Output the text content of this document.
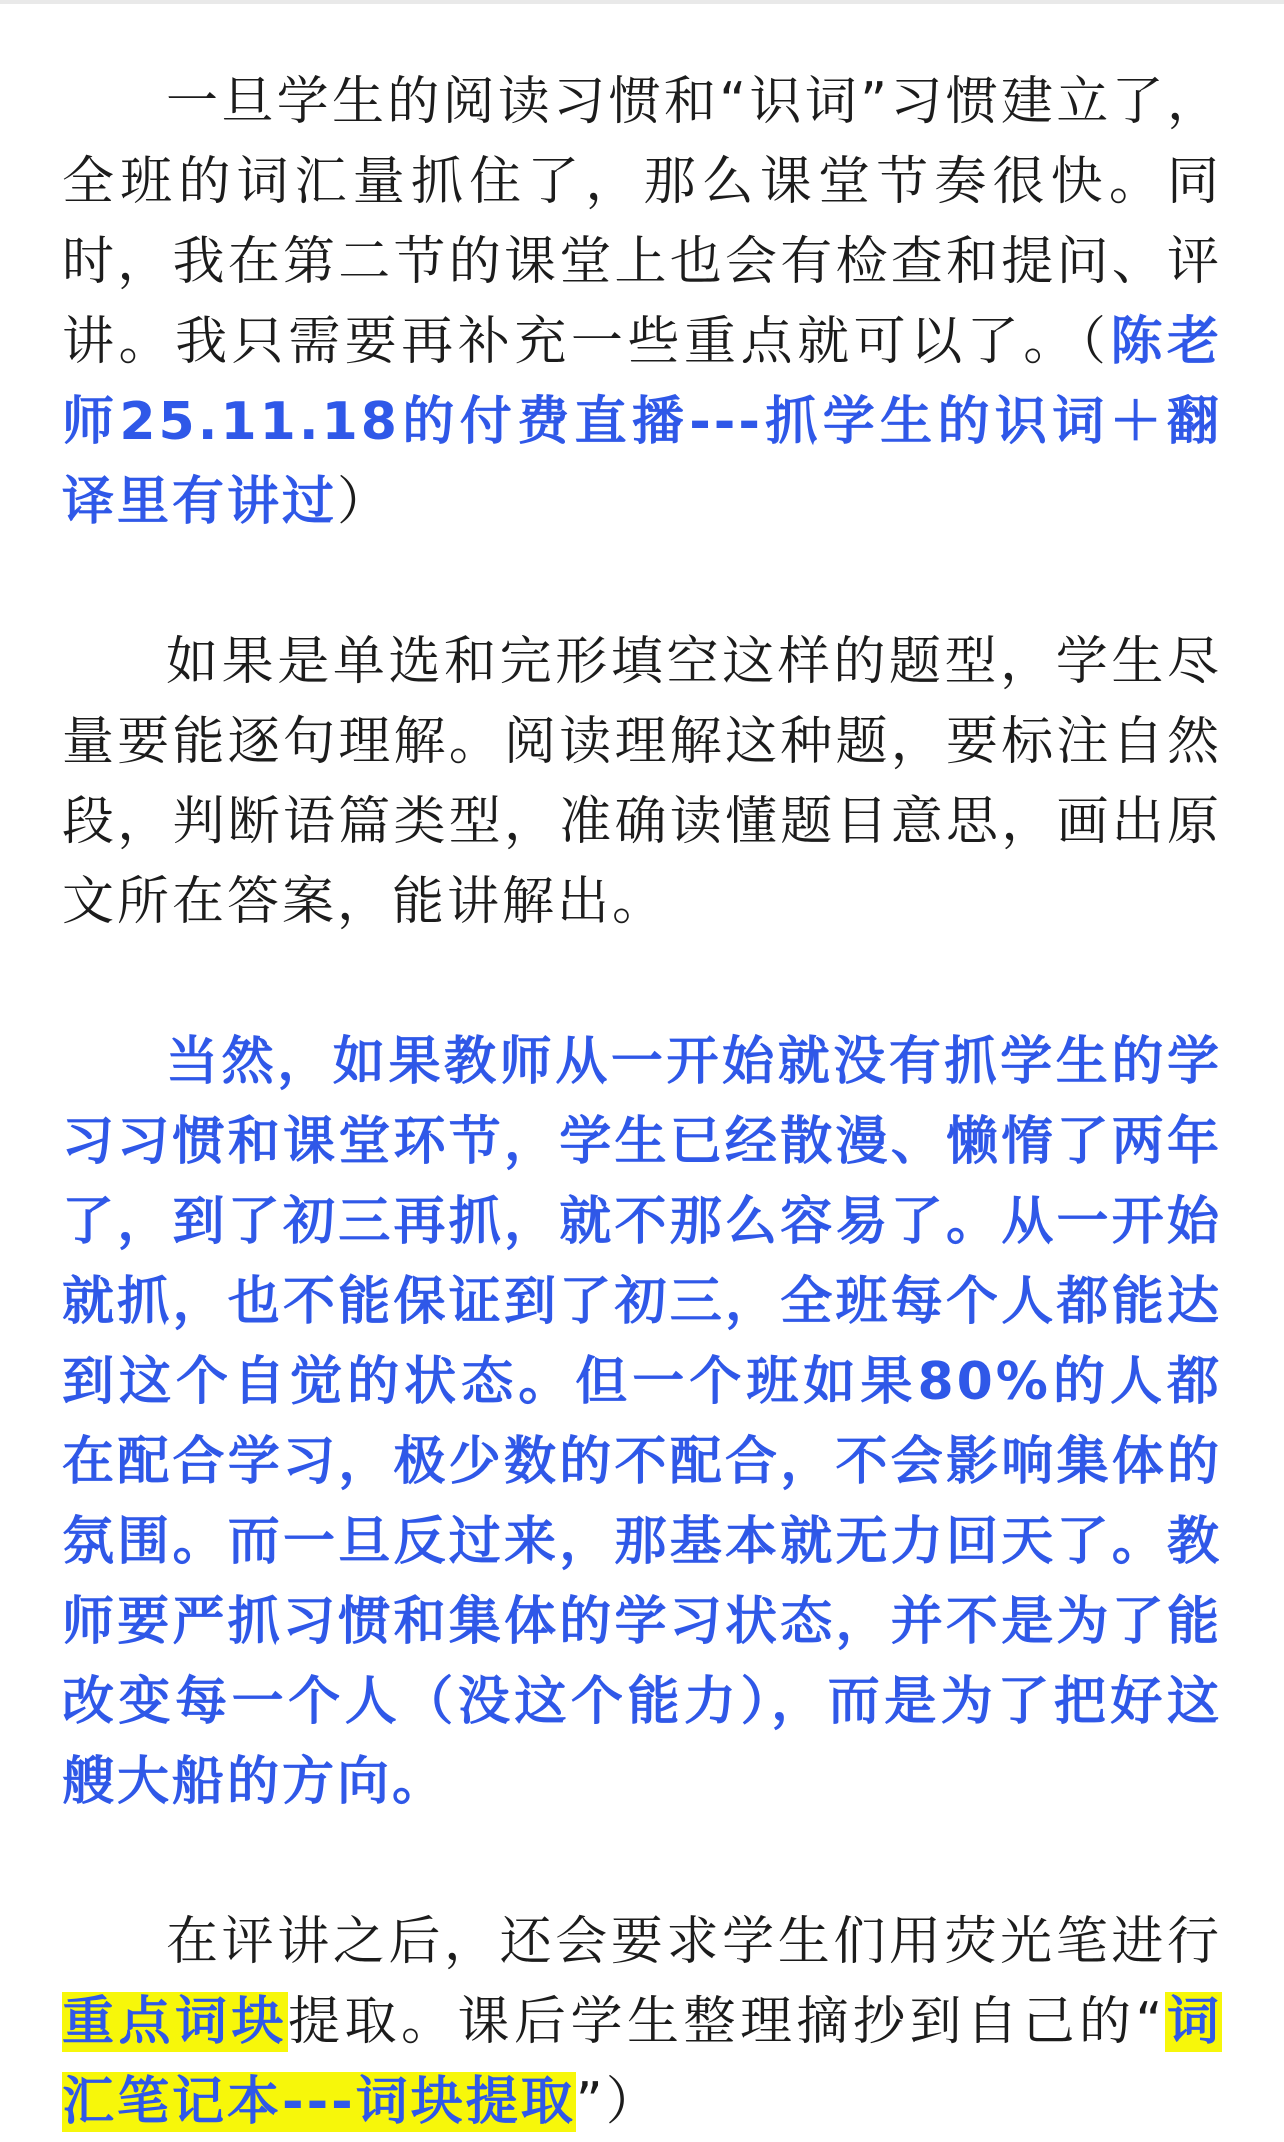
一旦学生的阅读习惯和“识词”习惯建立了，全班的词汇量抓住了，那么课堂节奏很快。同时，我在第二节的课堂上也会有检查和提问、评讲。我只需要再补充一些重点就可以了。（陈老师25.11.18的付费直播---抓学生的识词＋翻译里有讲过）

如果是单选和完形填空这样的题型，学生尽量要能逐句理解。阅读理解这种题，要标注自然段，判断语篇类型，准确读懂题目意思，画出原文所在答案，能讲解出。

当然，如果教师从一开始就没有抓学生的学习习惯和课堂环节，学生已经散漫、懒惰了两年了，到了初三再抓，就不那么容易了。从一开始就抓，也不能保证到了初三，全班每个人都能达到这个自觉的状态。但一个班如果80%的人都在配合学习，极少数的不配合，不会影响集体的氛围。而一旦反过来，那基本就无力回天了。教师要严抓习惯和集体的学习状态，并不是为了能改变每一个人（没这个能力），而是为了把好这艘大船的方向。

在评讲之后，还会要求学生们用荧光笔进行重点词块提取。课后学生整理摘抄到自己的“词汇笔记本---词块提取”）
